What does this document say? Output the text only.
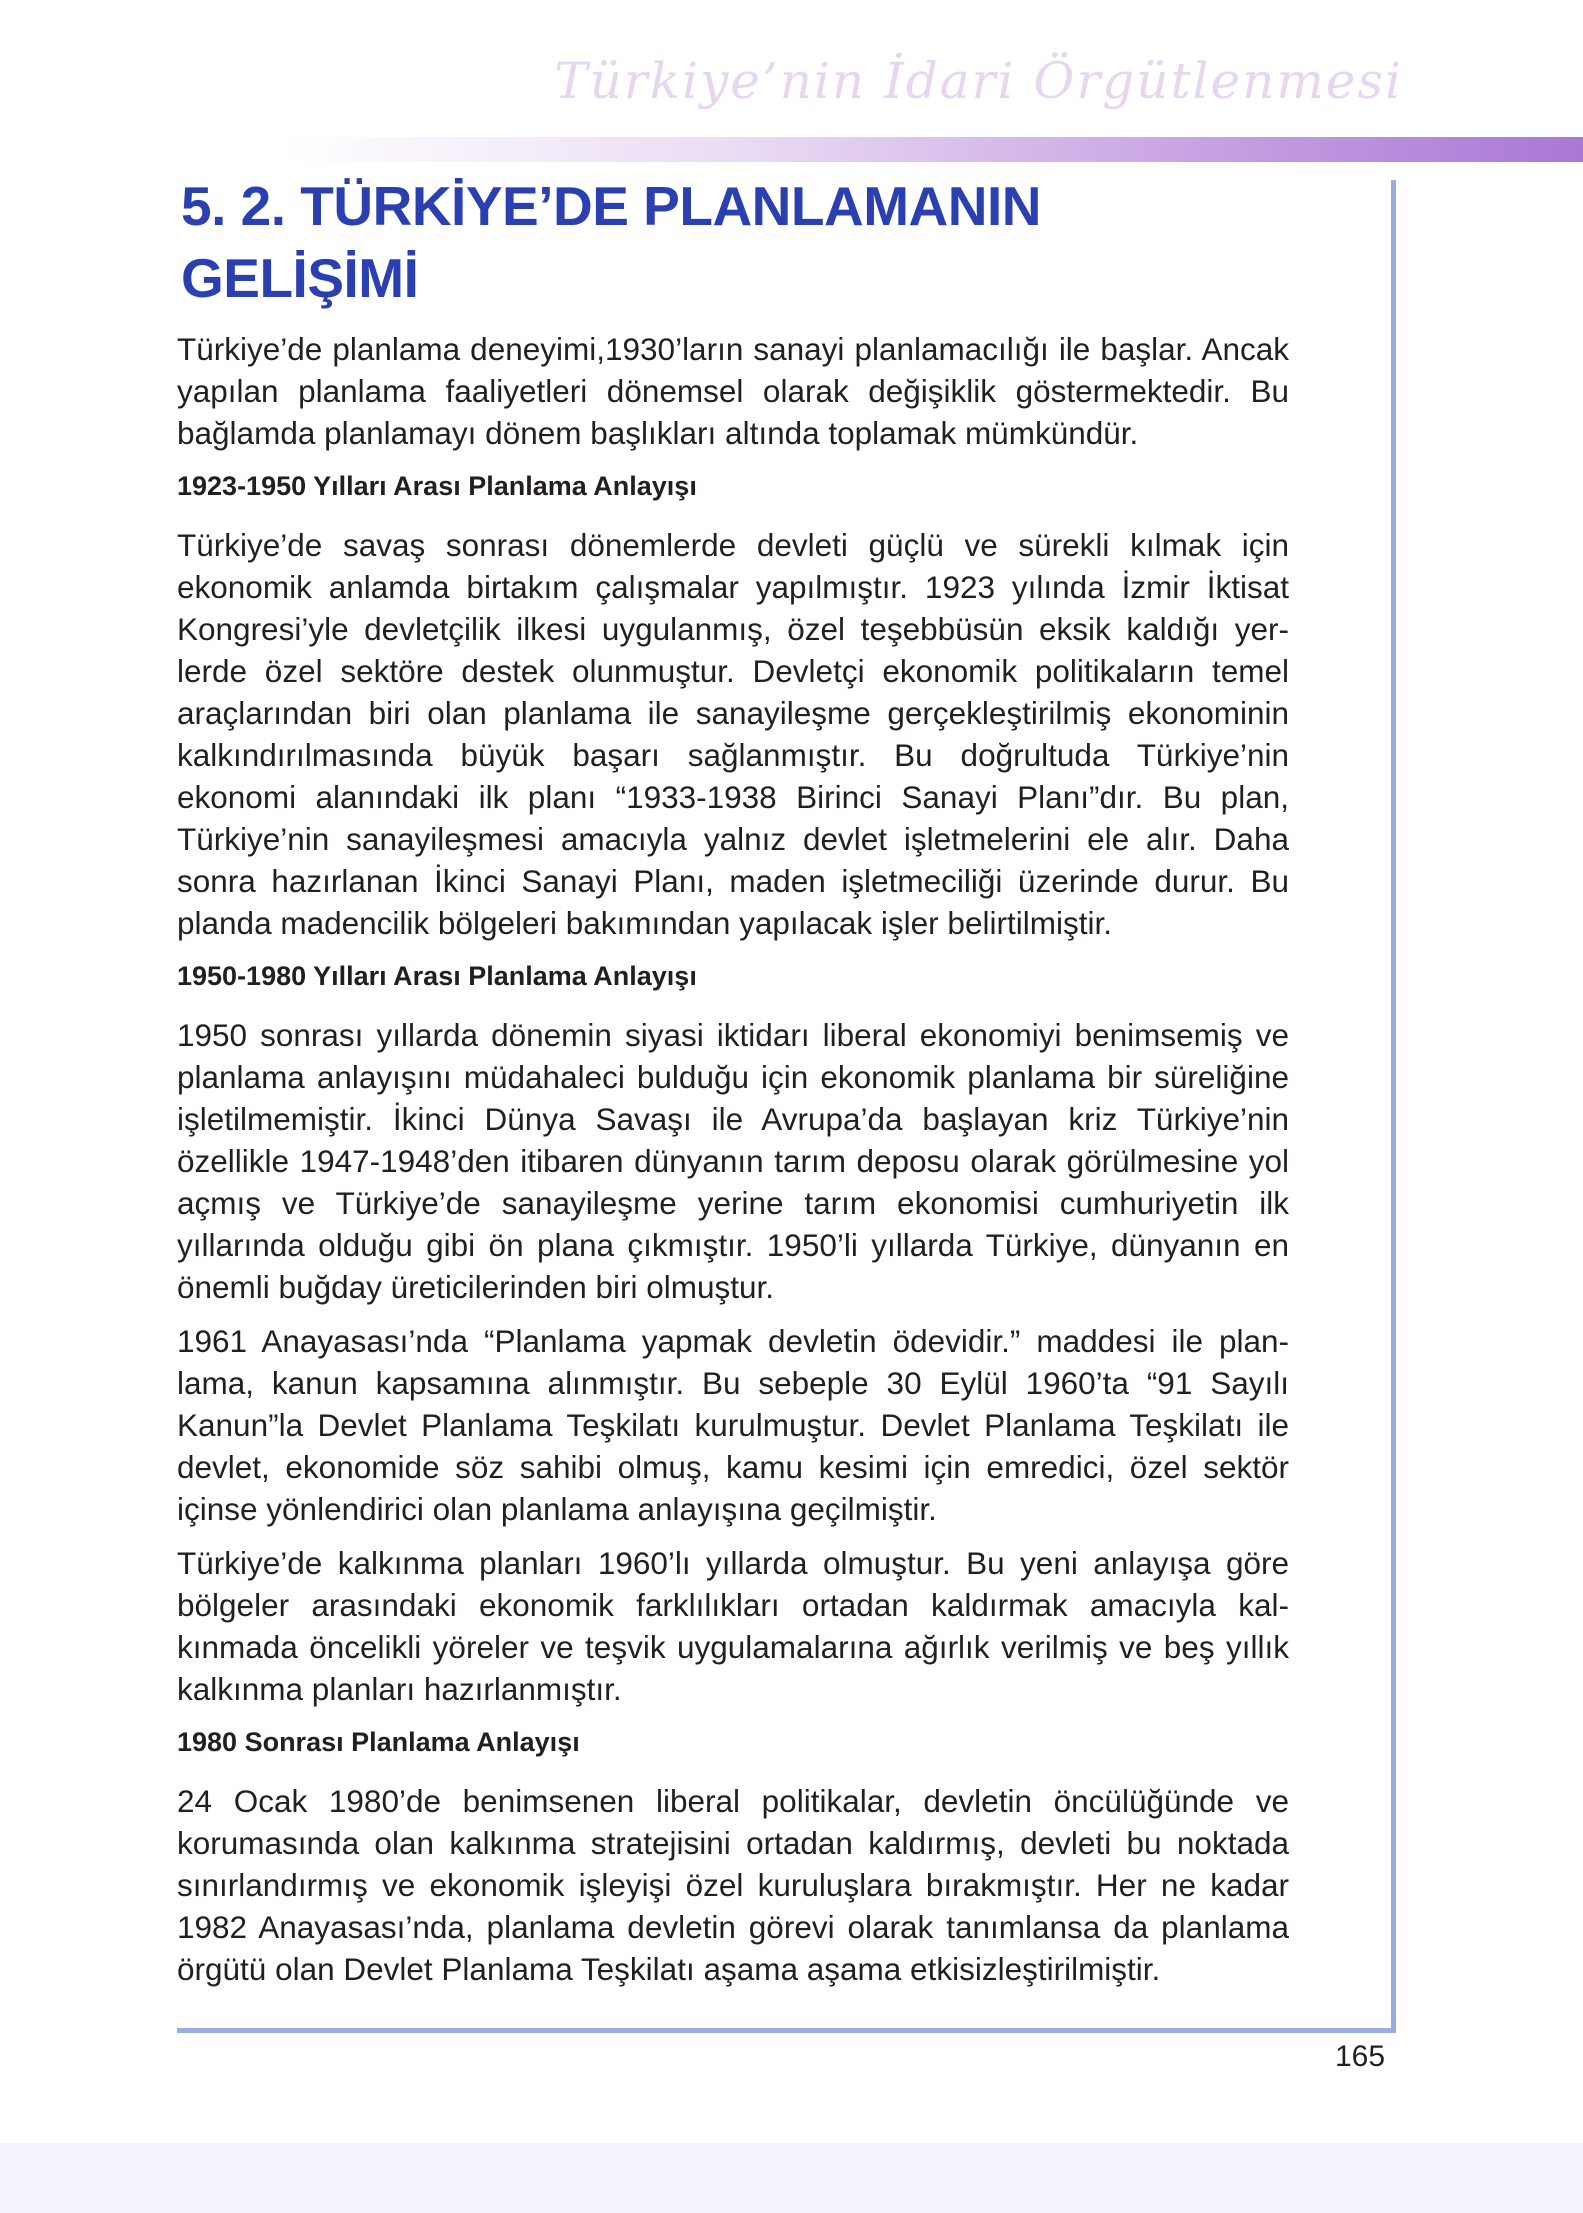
Türkiye’nin İdari Örgütlenmesi
5. 2. TÜRKİYE’DE PLANLAMANIN GELİŞİMİ

Türkiye’de planlama deneyimi,1930’ların sanayi planlamacılığı ile başlar. Ancak yapılan planlama faaliyetleri dönemsel olarak değişiklik göstermektedir. Bu bağlamda planlamayı dönem başlıkları altında toplamak mümkündür.

1923-1950 Yılları Arası Planlama Anlayışı

Türkiye’de savaş sonrası dönemlerde devleti güçlü ve sürekli kılmak için ekonomik anlamda birtakım çalışmalar yapılmıştır. 1923 yılında İzmir İktisat Kongresi’yle devletçilik ilkesi uygulanmış, özel teşebbüsün eksik kaldığı yerlerde özel sektöre destek olunmuştur. Devletçi ekonomik politikaların temel araçlarından biri olan planlama ile sanayileşme gerçekleştirilmiş ekonominin kalkındırılmasında büyük başarı sağlanmıştır. Bu doğrultuda Türkiye’nin ekonomi alanındaki ilk planı “1933-1938 Birinci Sanayi Planı”dır. Bu plan, Türkiye’nin sanayileşmesi amacıyla yalnız devlet işletmelerini ele alır. Daha sonra hazırlanan İkinci Sanayi Planı, maden işletmeciliği üzerinde durur. Bu planda madencilik bölgeleri bakımından yapılacak işler belirtilmiştir.

1950-1980 Yılları Arası Planlama Anlayışı

1950 sonrası yıllarda dönemin siyasi iktidarı liberal ekonomiyi benimsemiş ve planlama anlayışını müdahaleci bulduğu için ekonomik planlama bir süreliğine işletilmemiştir. İkinci Dünya Savaşı ile Avrupa’da başlayan kriz Türkiye’nin özellikle 1947-1948’den itibaren dünyanın tarım deposu olarak görülmesine yol açmış ve Türkiye’de sanayileşme yerine tarım ekonomisi cumhuriyetin ilk yıllarında olduğu gibi ön plana çıkmıştır. 1950’li yıllarda Türkiye, dünyanın en önemli buğday üreticilerinden biri olmuştur.

1961 Anayasası’nda “Planlama yapmak devletin ödevidir.” maddesi ile planlama, kanun kapsamına alınmıştır. Bu sebeple 30 Eylül 1960’ta “91 Sayılı Kanun”la Devlet Planlama Teşkilatı kurulmuştur. Devlet Planlama Teşkilatı ile devlet, ekonomide söz sahibi olmuş, kamu kesimi için emredici, özel sektör içinse yönlendirici olan planlama anlayışına geçilmiştir.

Türkiye’de kalkınma planları 1960’lı yıllarda olmuştur. Bu yeni anlayışa göre bölgeler arasındaki ekonomik farklılıkları ortadan kaldırmak amacıyla kalkınmada öncelikli yöreler ve teşvik uygulamalarına ağırlık verilmiş ve beş yıllık kalkınma planları hazırlanmıştır.

1980 Sonrası Planlama Anlayışı

24 Ocak 1980’de benimsenen liberal politikalar, devletin öncülüğünde ve korumasında olan kalkınma stratejisini ortadan kaldırmış, devleti bu noktada sınırlandırmış ve ekonomik işleyişi özel kuruluşlara bırakmıştır. Her ne kadar 1982 Anayasası’nda, planlama devletin görevi olarak tanımlansa da planlama örgütü olan Devlet Planlama Teşkilatı aşama aşama etkisizleştirilmiştir.

165
